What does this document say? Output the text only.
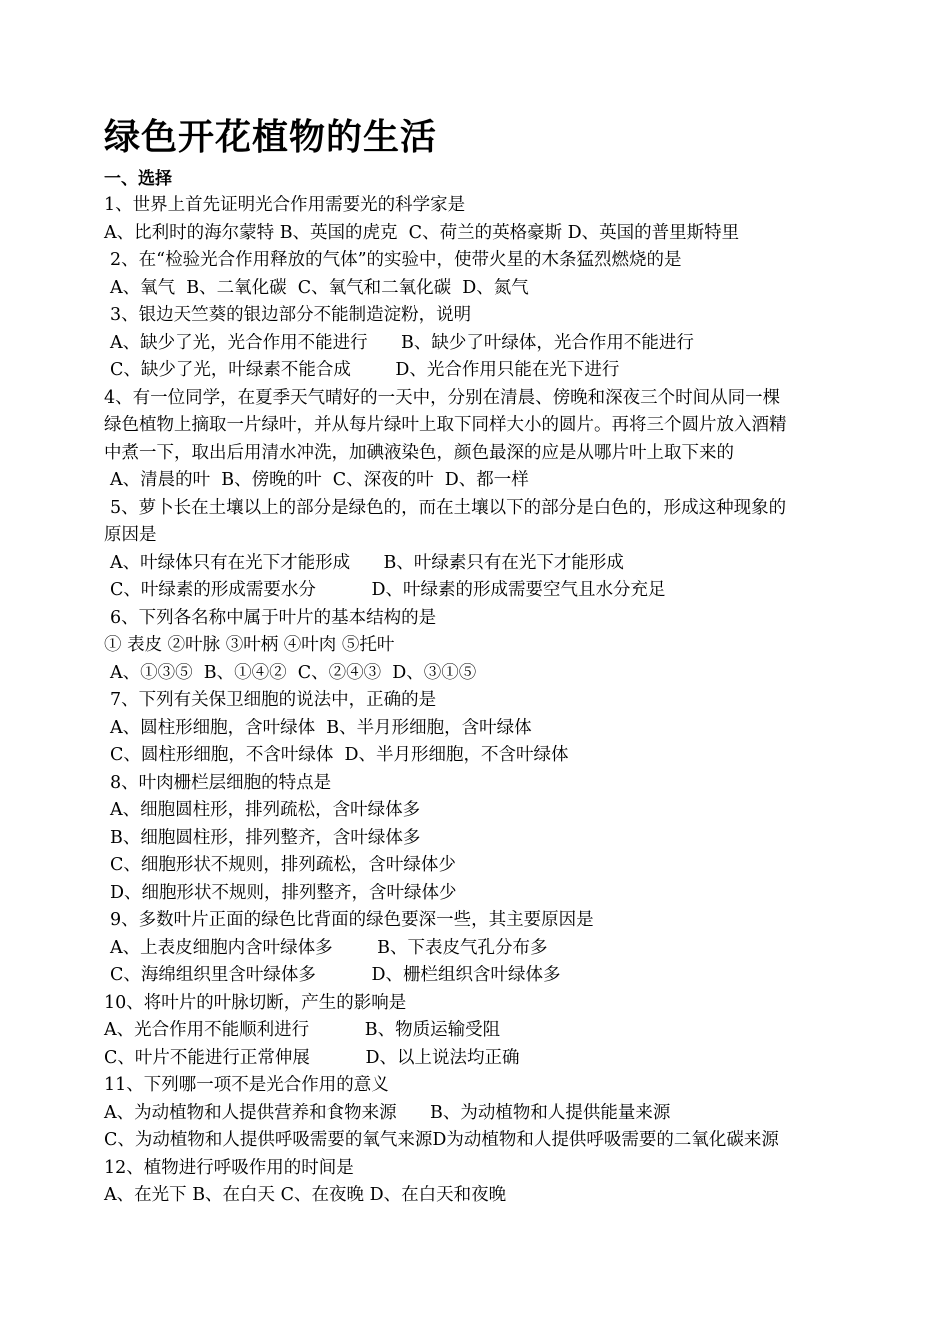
绿色开花植物的生活
一、选择
1、世界上首先证明光合作用需要光的科学家是
A、比利时的海尔蒙特 B、英国的虎克  C、荷兰的英格豪斯 D、英国的普里斯特里
2、在“检验光合作用释放的气体”的实验中，使带火星的木条猛烈燃烧的是
A、氧气  B、二氧化碳  C、氧气和二氧化碳  D、氮气
3、银边天竺葵的银边部分不能制造淀粉，说明
A、缺少了光，光合作用不能进行      B、缺少了叶绿体，光合作用不能进行
C、缺少了光，叶绿素不能合成        D、光合作用只能在光下进行
4、有一位同学，在夏季天气晴好的一天中，分别在清晨、傍晚和深夜三个时间从同一棵
绿色植物上摘取一片绿叶，并从每片绿叶上取下同样大小的圆片。再将三个圆片放入酒精
中煮一下，取出后用清水冲洗，加碘液染色，颜色最深的应是从哪片叶上取下来的
A、清晨的叶  B、傍晚的叶  C、深夜的叶  D、都一样
5、萝卜长在土壤以上的部分是绿色的，而在土壤以下的部分是白色的，形成这种现象的
原因是
A、叶绿体只有在光下才能形成      B、叶绿素只有在光下才能形成
C、叶绿素的形成需要水分          D、叶绿素的形成需要空气且水分充足
6、下列各名称中属于叶片的基本结构的是
① 表皮 ②叶脉 ③叶柄 ④叶肉 ⑤托叶
A、①③⑤  B、①④②  C、②④③  D、③①⑤
7、下列有关保卫细胞的说法中，正确的是
A、圆柱形细胞，含叶绿体  B、半月形细胞，含叶绿体
C、圆柱形细胞，不含叶绿体  D、半月形细胞，不含叶绿体
8、叶肉栅栏层细胞的特点是
A、细胞圆柱形，排列疏松，含叶绿体多
B、细胞圆柱形，排列整齐，含叶绿体多
C、细胞形状不规则，排列疏松，含叶绿体少
D、细胞形状不规则，排列整齐，含叶绿体少
9、多数叶片正面的绿色比背面的绿色要深一些，其主要原因是
A、上表皮细胞内含叶绿体多        B、下表皮气孔分布多
C、海绵组织里含叶绿体多          D、栅栏组织含叶绿体多
10、将叶片的叶脉切断，产生的影响是
A、光合作用不能顺利进行          B、物质运输受阻
C、叶片不能进行正常伸展          D、以上说法均正确
11、下列哪一项不是光合作用的意义
A、为动植物和人提供营养和食物来源      B、为动植物和人提供能量来源
C、为动植物和人提供呼吸需要的氧气来源D为动植物和人提供呼吸需要的二氧化碳来源
12、植物进行呼吸作用的时间是
A、在光下 B、在白天 C、在夜晚 D、在白天和夜晚
